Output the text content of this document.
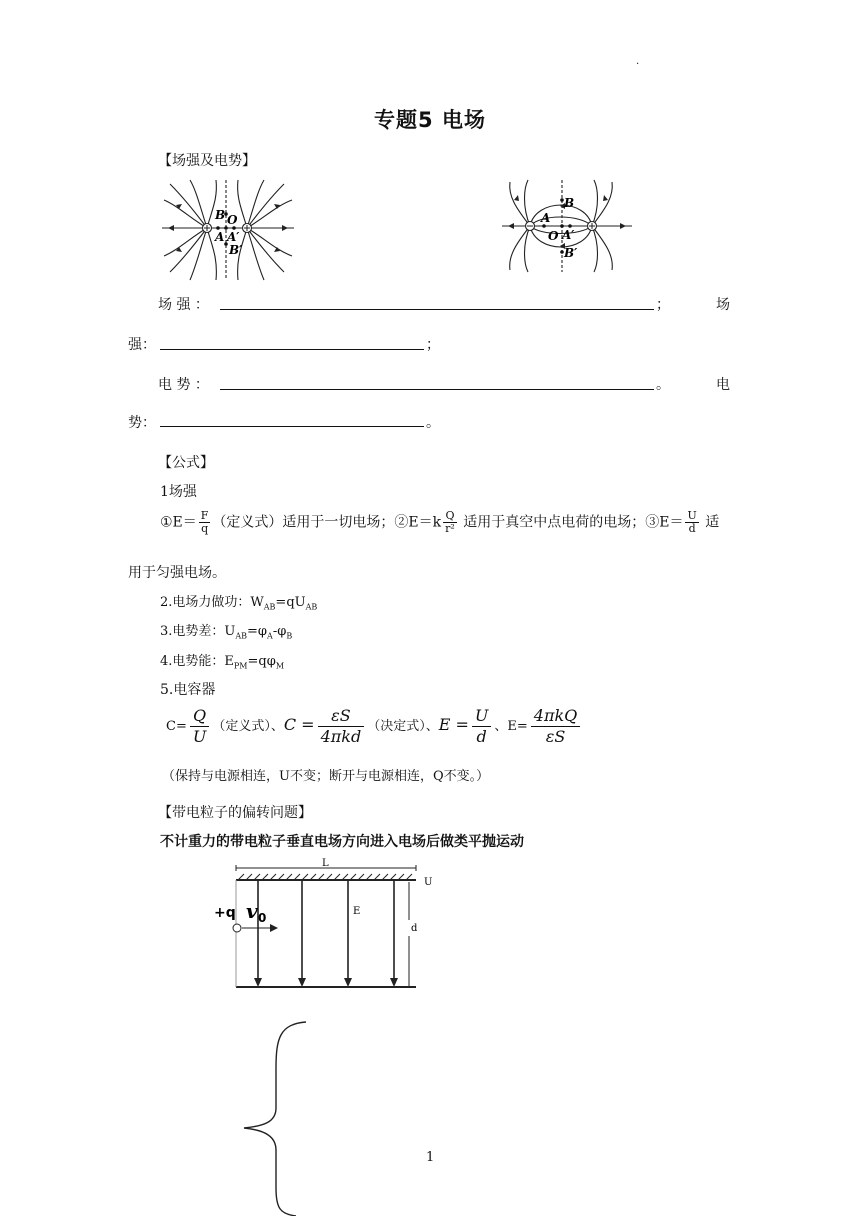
.
专题5 电场
【场强及电势】
B O
A A′
B′
B
A
O A′
B′
场 强 ：	；	场
强：	；
电 势 ：	。	电
势：	。
【公式】
1场强
①E＝ $\frac{F}{q}$ （定义式）适用于一切电场；②E＝k $\frac{Q}{\text{r²}}$ 适用于真空中点电荷的电场；③E＝ $\frac{U}{d}$ 适
用于匀强电场。
2.电场力做功：$W_{AB}=qU_{AB}$
3.电势差：$U_{AB}=\varphi_A-\varphi_B$
4.电势能：$E_{PM}=q\varphi_M$
5.电容器
$C= \frac{Q}{U}$ （定义式）、C =	εS
4πkd
（决定式）、$E = \frac{U}{d}$ 、E=
4πkQ
εS
（保持与电源相连，U不变；断开与电源相连，Q不变。）
【带电粒子的偏转问题】
不计重力的带电粒子垂直电场方向进入电场后做类平抛运动
L
U
E
d
+q v 0
1
